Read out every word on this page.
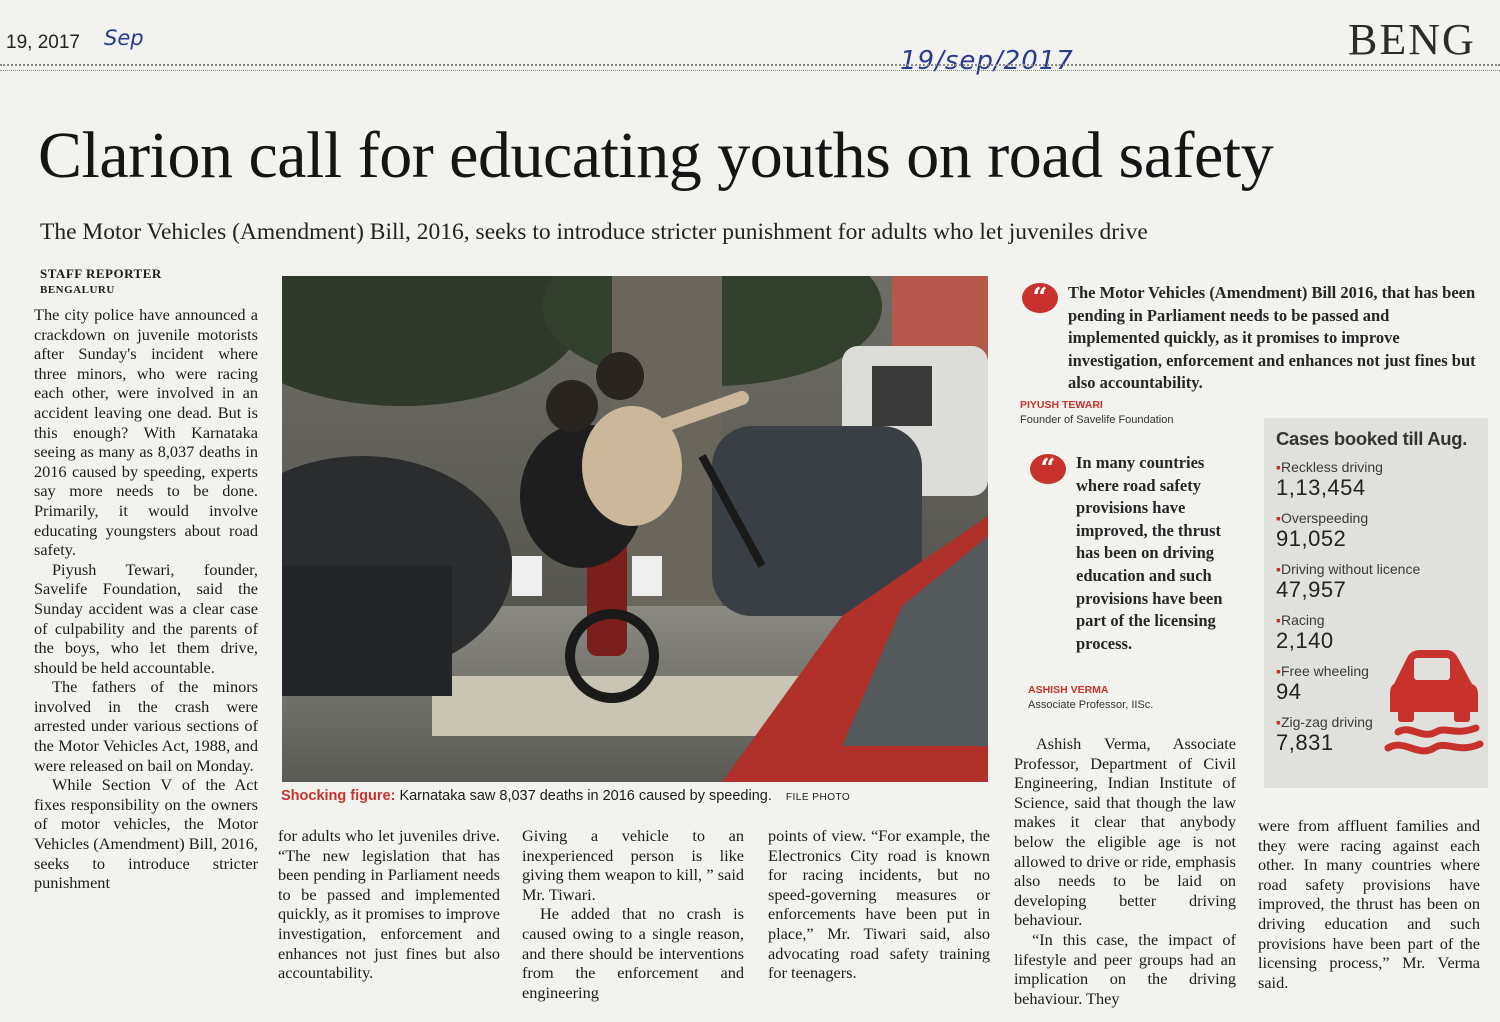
19, 2017 Sep
19/sep/2017	BENG
Clarion call for educating youths on road safety
The Motor Vehicles (Amendment) Bill, 2016, seeks to introduce stricter punishment for adults who let juveniles drive
STAFF REPORTER
BENGALURU

The city police have announced a crackdown on juvenile motorists after Sunday's incident where three minors, who were racing each other, were involved in an accident leaving one dead. But is this enough? With Karnataka seeing as many as 8,037 deaths in 2016 caused by speeding, experts say more needs to be done. Primarily, it would involve educating youngsters about road safety.

Piyush Tewari, founder, Savelife Foundation, said the Sunday accident was a clear case of culpability and the parents of the boys, who let them drive, should be held accountable.

The fathers of the minors involved in the crash were arrested under various sections of the Motor Vehicles Act, 1988, and were released on bail on Monday.

While Section V of the Act fixes responsibility on the owners of motor vehicles, the Motor Vehicles (Amendment) Bill, 2016, seeks to introduce stricter punishment

Shocking figure: Karnataka saw 8,037 deaths in 2016 caused by speeding. FILE PHOTO

for adults who let juveniles drive. “The new legislation that has been pending in Parliament needs to be passed and implemented quickly, as it promises to improve investigation, enforcement and enhances not just fines but also accountability.

Giving a vehicle to an inexperienced person is like giving them weapon to kill, ” said Mr. Tiwari.

He added that no crash is caused owing to a single reason, and there should be interventions from the enforcement and engineering

points of view. “For example, the Electronics City road is known for racing incidents, but no speed-governing measures or enforcements have been put in place,” Mr. Tiwari said, also advocating road safety training for teenagers.

Ashish Verma, Associate Professor, Department of Civil Engineering, Indian Institute of Science, said that though the law makes it clear that anybody below the eligible age is not allowed to drive or ride, emphasis also needs to be laid on developing better driving behaviour.

“In this case, the impact of lifestyle and peer groups had an implication on the driving behaviour. They

were from affluent families and they were racing against each other. In many countries where road safety provisions have improved, the thrust has been on driving education and such provisions have been part of the licensing process,” Mr. Verma said.

“	The Motor Vehicles (Amendment) Bill 2016, that has been pending in Parliament needs to be passed and implemented quickly, as it promises to improve investigation, enforcement and enhances not just fines but also accountability.
PIYUSH TEWARI
Founder of Savelife Foundation
“	In many countries where road safety provisions have improved, the thrust has been on driving education and such provisions have been part of the licensing process.
ASHISH VERMA
Associate Professor, IISc.
Cases booked till Aug.
▪ Reckless driving
1,13,454
▪ Overspeeding
91,052
▪ Driving without licence
47,957
▪ Racing
2,140
▪ Free wheeling
94
▪ Zig-zag driving
7,831
